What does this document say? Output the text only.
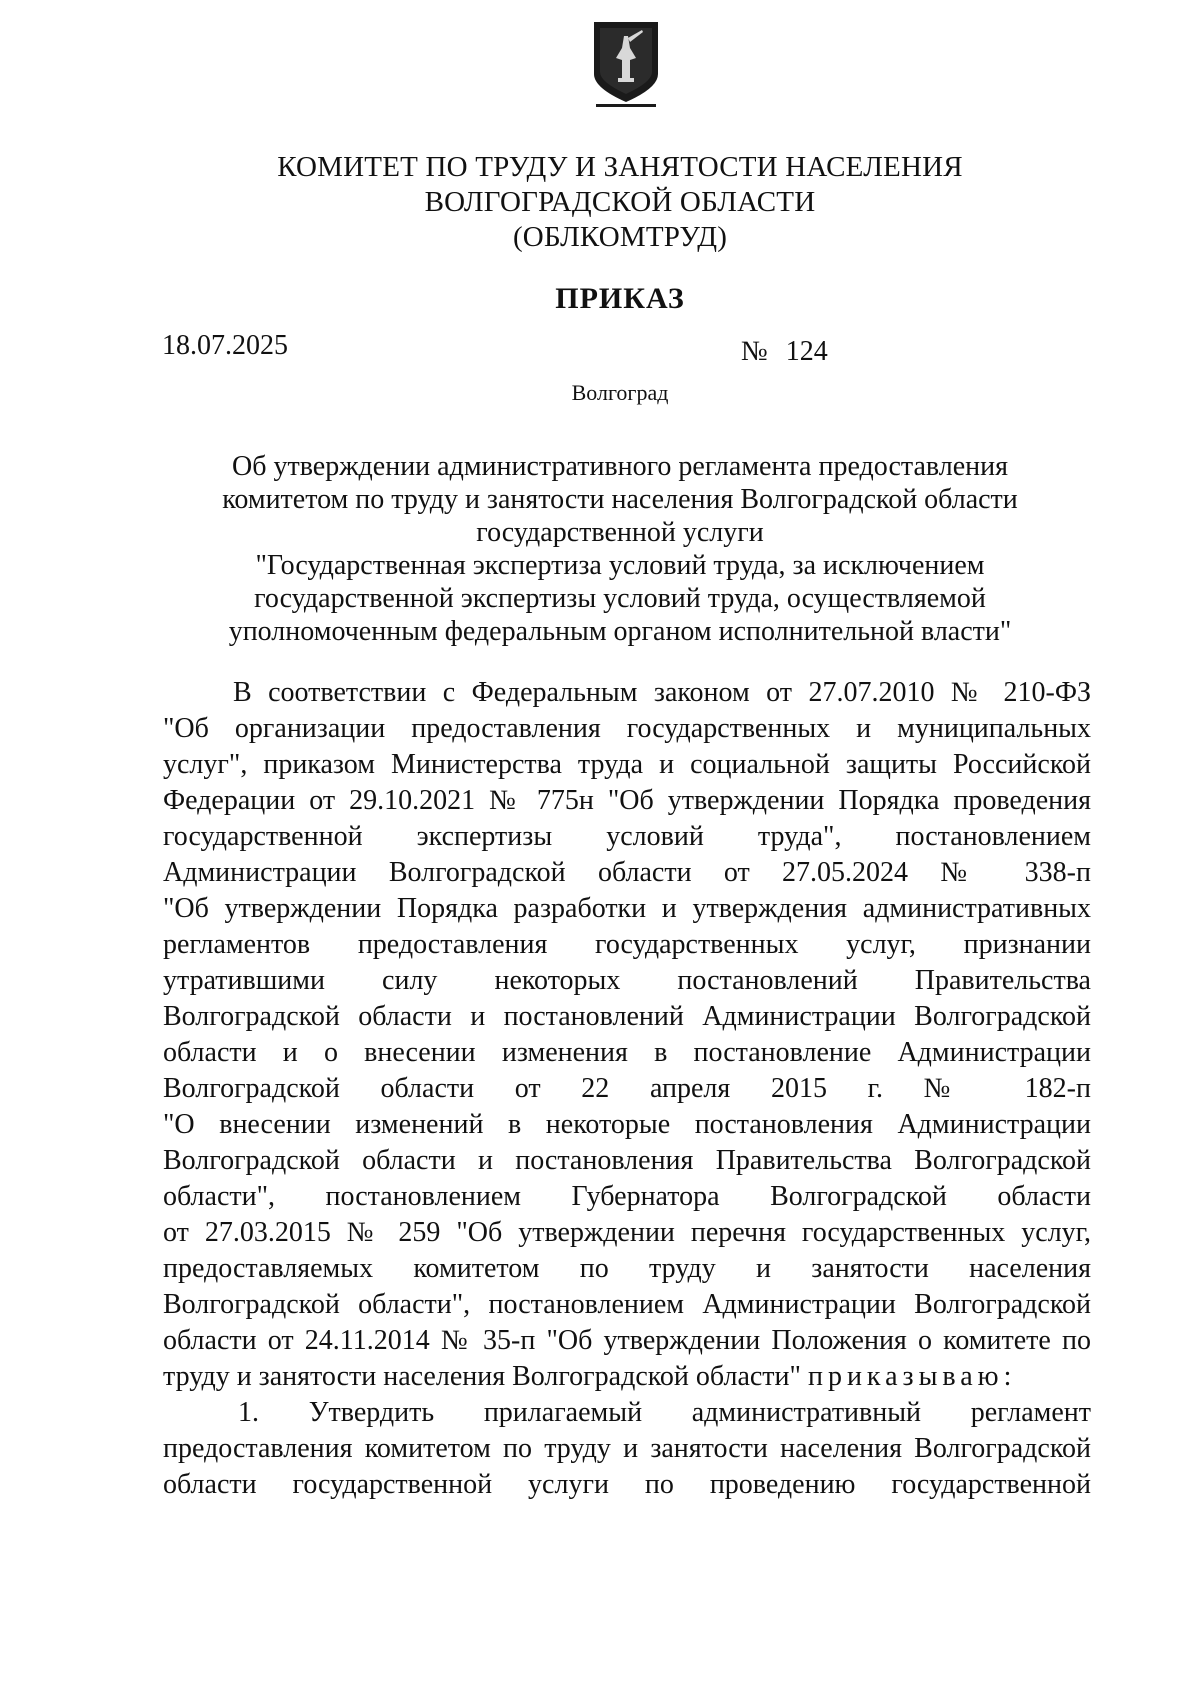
КОМИТЕТ ПО ТРУДУ И ЗАНЯТОСТИ НАСЕЛЕНИЯ
ВОЛГОГРАДСКОЙ ОБЛАСТИ
(ОБЛКОМТРУД)
ПРИКАЗ
18.07.2025	№ 124
Волгоград
Об утверждении административного регламента предоставления
комитетом по труду и занятости населения Волгоградской области
государственной услуги
"Государственная экспертиза условий труда, за исключением
государственной экспертизы условий труда, осуществляемой
уполномоченным федеральным органом исполнительной власти"
В соответствии с Федеральным законом от 27.07.2010 № 210-ФЗ
"Об организации предоставления государственных и муниципальных
услуг", приказом Министерства труда и социальной защиты Российской
Федерации от 29.10.2021 № 775н "Об утверждении Порядка проведения
государственной экспертизы условий труда", постановлением
Администрации Волгоградской области от 27.05.2024 № 338-п
"Об утверждении Порядка разработки и утверждения административных
регламентов предоставления государственных услуг, признании
утратившими силу некоторых постановлений Правительства
Волгоградской области и постановлений Администрации Волгоградской
области и о внесении изменения в постановление Администрации
Волгоградской области от 22 апреля 2015 г. № 182-п
"О внесении изменений в некоторые постановления Администрации
Волгоградской области и постановления Правительства Волгоградской
области", постановлением Губернатора Волгоградской области
от 27.03.2015 № 259 "Об утверждении перечня государственных услуг,
предоставляемых комитетом по труду и занятости населения
Волгоградской области", постановлением Администрации Волгоградской
области от 24.11.2014 № 35-п "Об утверждении Положения о комитете по
труду и занятости населения Волгоградской области" приказываю:
1. Утвердить прилагаемый административный регламент
предоставления комитетом по труду и занятости населения Волгоградской
области государственной услуги по проведению государственной
